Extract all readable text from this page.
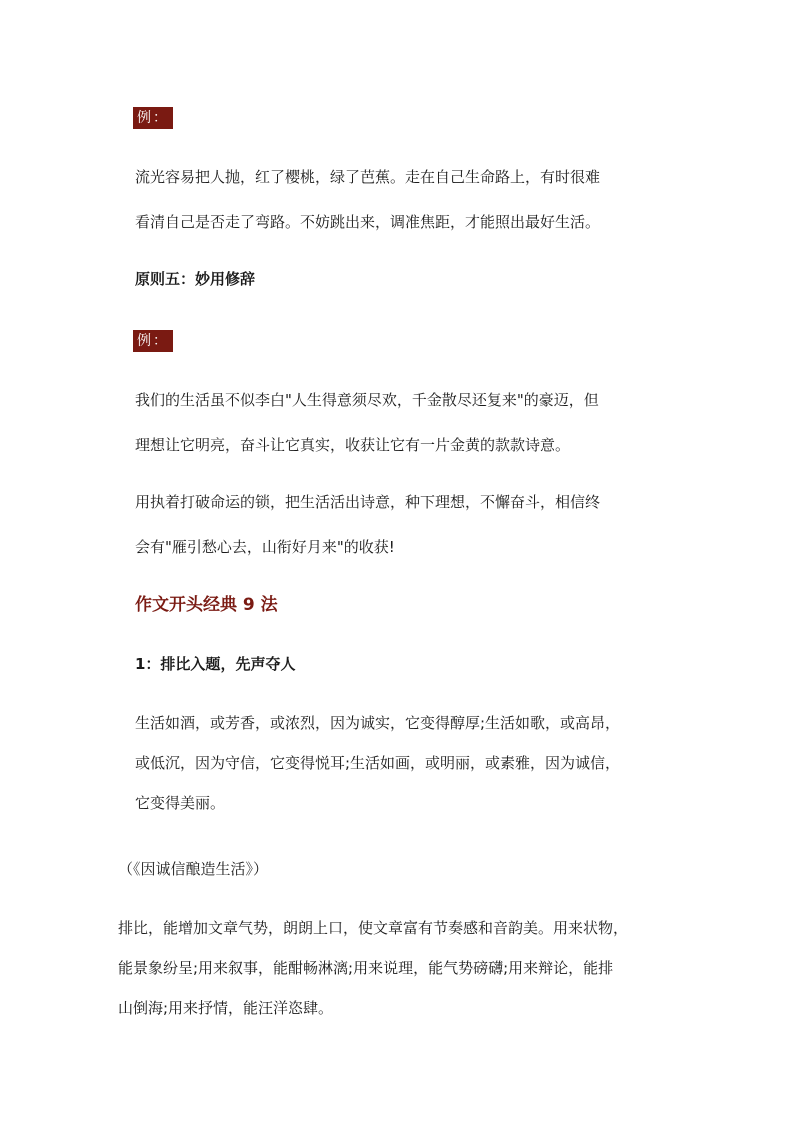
例：
流光容易把人抛，红了樱桃，绿了芭蕉。走在自己生命路上，有时很难
看清自己是否走了弯路。不妨跳出来，调准焦距，才能照出最好生活。
原则五：妙用修辞
例：
我们的生活虽不似李白"人生得意须尽欢，千金散尽还复来"的豪迈，但
理想让它明亮，奋斗让它真实，收获让它有一片金黄的款款诗意。
用执着打破命运的锁，把生活活出诗意，种下理想，不懈奋斗，相信终
会有"雁引愁心去，山衔好月来"的收获!
作文开头经典 9 法
1：排比入题，先声夺人
生活如酒，或芳香，或浓烈，因为诚实，它变得醇厚;生活如歌，或高昂，
或低沉，因为守信，它变得悦耳;生活如画，或明丽，或素雅，因为诚信，
它变得美丽。
（《因诚信酿造生活》）
排比，能增加文章气势，朗朗上口，使文章富有节奏感和音韵美。用来状物，
能景象纷呈;用来叙事，能酣畅淋漓;用来说理，能气势磅礴;用来辩论，能排
山倒海;用来抒情，能汪洋恣肆。
